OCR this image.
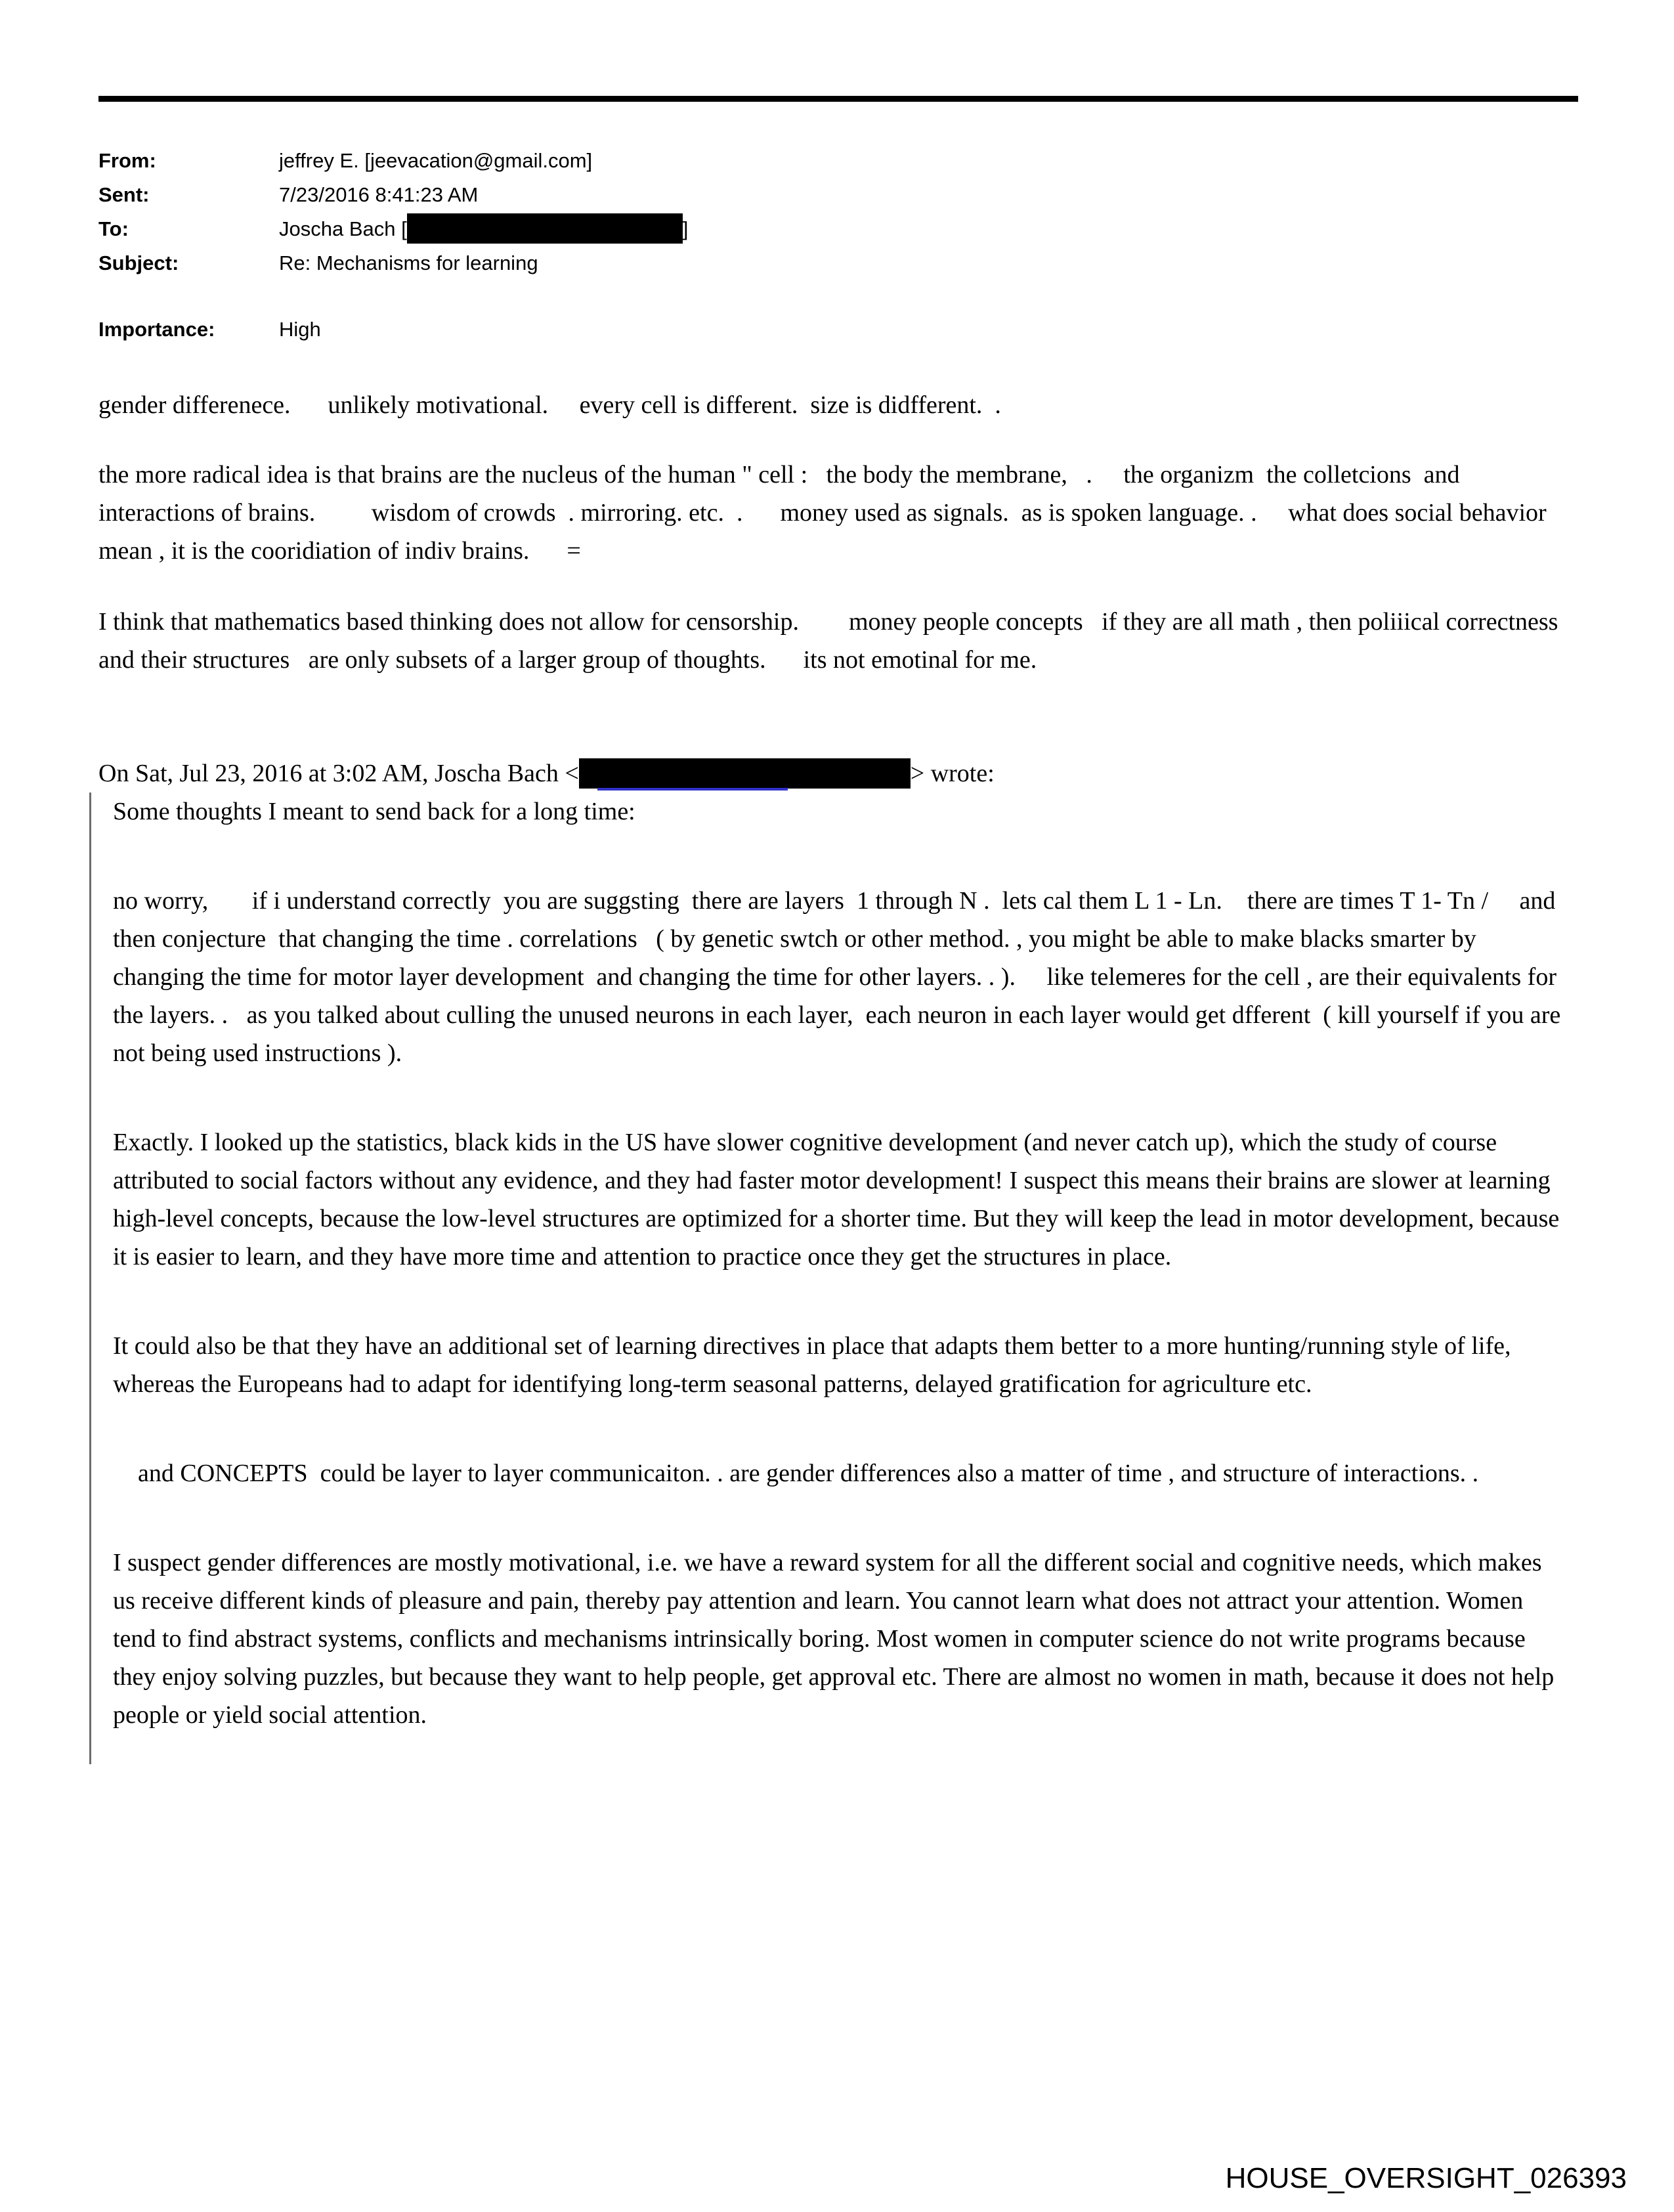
From:	jeffrey E. [jeevacation@gmail.com]
Sent:	7/23/2016 8:41:23 AM
To:	Joscha Bach [	]
Subject:	Re: Mechanisms for learning
Importance:	High

gender differenece.      unlikely motivational.     every cell is different.  size is didfferent.  .

the more radical idea is that brains are the nucleus of the human " cell :   the body the membrane,   .     the organizm  the colletcions  and interactions of brains.         wisdom of crowds  . mirroring. etc.  .      money used as signals.  as is spoken language. .     what does social behavior mean , it is the cooridiation of indiv brains.      =

I think that mathematics based thinking does not allow for censorship.        money people concepts   if they are all math , then poliiical correctness  and their structures   are only subsets of a larger group of thoughts.      its not emotinal for me.

On Sat, Jul 23, 2016 at 3:02 AM, Joscha Bach <	> wrote:

Some thoughts I meant to send back for a long time:

no worry,       if i understand correctly  you are suggsting  there are layers  1 through N .  lets cal them L 1 - Ln.    there are times T 1- Tn /     and then conjecture  that changing the time . correlations   ( by genetic swtch or other method. , you might be able to make blacks smarter by changing the time for motor layer development  and changing the time for other layers. . ).     like telemeres for the cell , are their equivalents for the layers. .   as you talked about culling the unused neurons in each layer,  each neuron in each layer would get dfferent  ( kill yourself if you are not being used instructions ).

Exactly. I looked up the statistics, black kids in the US have slower cognitive development (and never catch up), which the study of course attributed to social factors without any evidence, and they had faster motor development! I suspect this means their brains are slower at learning high-level concepts, because the low-level structures are optimized for a shorter time. But they will keep the lead in motor development, because it is easier to learn, and they have more time and attention to practice once they get the structures in place.

It could also be that they have an additional set of learning directives in place that adapts them better to a more hunting/running style of life, whereas the Europeans had to adapt for identifying long-term seasonal patterns, delayed gratification for agriculture etc.

and CONCEPTS  could be layer to layer communicaiton. . are gender differences also a matter of time , and structure of interactions. .

I suspect gender differences are mostly motivational, i.e. we have a reward system for all the different social and cognitive needs, which makes us receive different kinds of pleasure and pain, thereby pay attention and learn. You cannot learn what does not attract your attention. Women tend to find abstract systems, conflicts and mechanisms intrinsically boring. Most women in computer science do not write programs because they enjoy solving puzzles, but because they want to help people, get approval etc. There are almost no women in math, because it does not help people or yield social attention.

HOUSE_OVERSIGHT_026393
